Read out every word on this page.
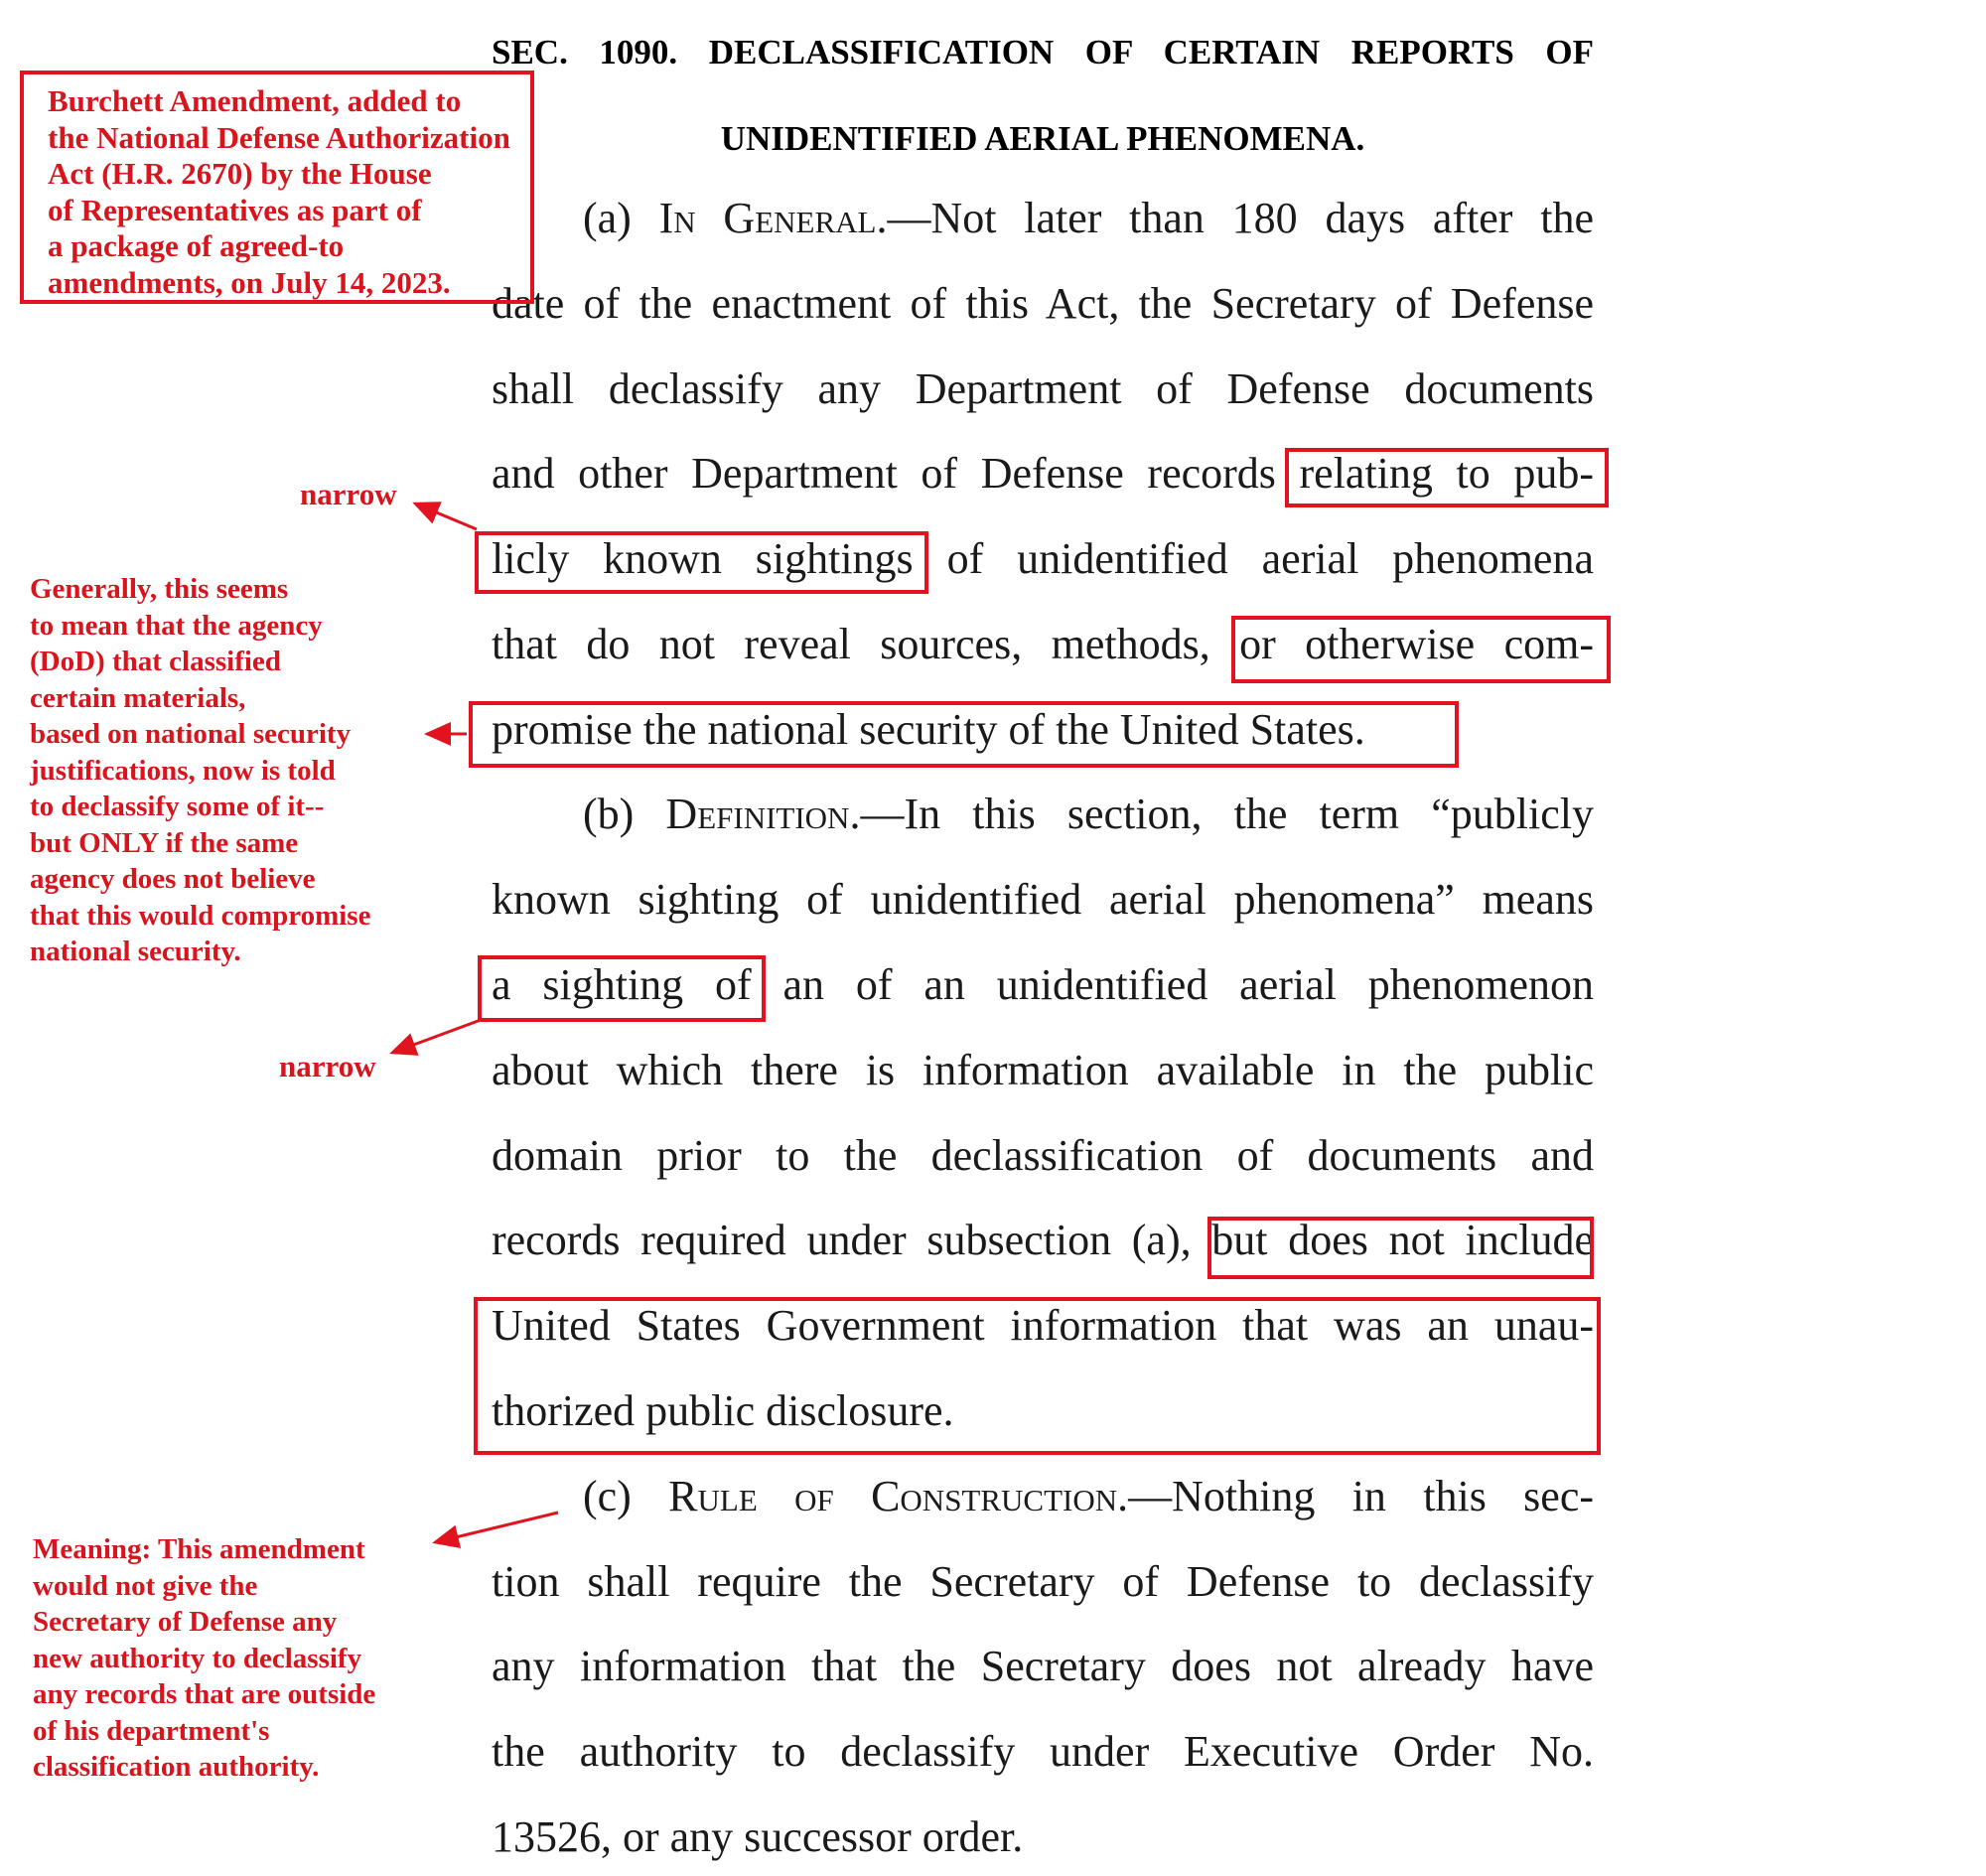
SEC. 1090. DECLASSIFICATION OF CERTAIN REPORTS OF
UNIDENTIFIED AERIAL PHENOMENA.
(a) In General.—Not later than 180 days after the
date of the enactment of this Act, the Secretary of Defense
shall declassify any Department of Defense documents
and other Department of Defense records relating to pub-
licly known sightings of unidentified aerial phenomena
that do not reveal sources, methods, or otherwise com-
promise the national security of the United States.
(b) Definition.—In this section, the term “publicly
known sighting of unidentified aerial phenomena” means
a sighting of an of an unidentified aerial phenomenon
about which there is information available in the public
domain prior to the declassification of documents and
records required under subsection (a), but does not include
United States Government information that was an unau-
thorized public disclosure.
(c) Rule of Construction.—Nothing in this sec-
tion shall require the Secretary of Defense to declassify
any information that the Secretary does not already have
the authority to declassify under Executive Order No.
13526, or any successor order.
Burchett Amendment, added to
the National Defense Authorization
Act (H.R. 2670) by the House
of Representatives as part of
a package of agreed-to
amendments, on July 14, 2023.
narrow
narrow
Generally, this seems
to mean that the agency
(DoD) that classified
certain materials,
based on national security
justifications, now is told
to declassify some of it--
but ONLY if the same
agency does not believe
that this would compromise
national security.
Meaning: This amendment
would not give the
Secretary of Defense any
new authority to declassify
any records that are outside
of his department's
classification authority.
